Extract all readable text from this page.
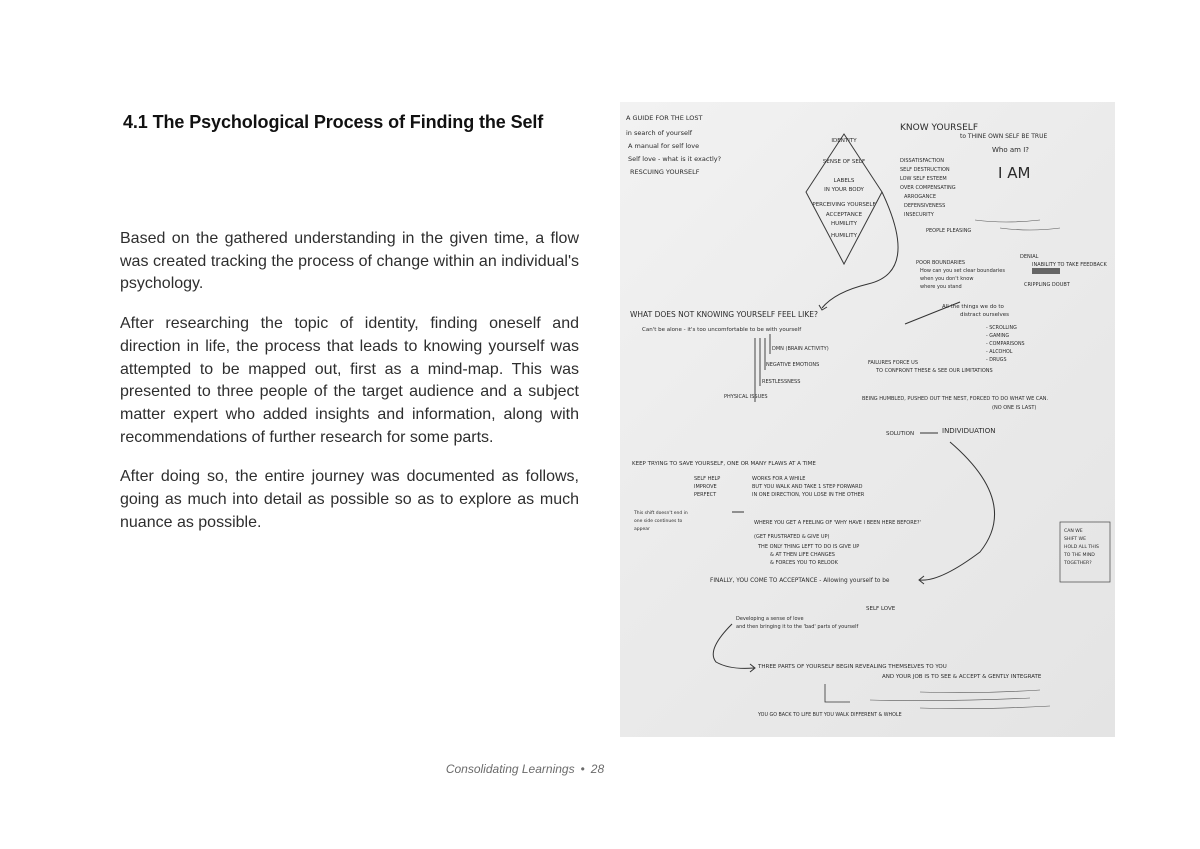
4.1 The Psychological Process of Finding the Self

Based on the gathered understanding in the given time, a flow was created tracking the process of change within an individual's psychology.

After researching the topic of identity, finding oneself and direction in life, the process that leads to knowing yourself was attempted to be mapped out, first as a mind-map. This was presented to three people of the target audience and a subject matter expert who added insights and information, along with recommendations of further research for some parts.

After doing so, the entire journey was documented as follows, going as much into detail as possible so as to explore as much nuance as possible.

A GUIDE FOR THE LOST
in search of yourself
A manual for self love
Self love - what is it exactly?
RESCUING YOURSELF
IDENTITY
SENSE OF SELF
LABELS
IN YOUR BODY
PERCEIVING YOURSELF
ACCEPTANCE
HUMILITY
HUMILITY
KNOW YOURSELF
to THINE OWN SELF BE TRUE
Who am I?
I AM
DISSATISFACTION
SELF DESTRUCTION
LOW SELF ESTEEM
OVER COMPENSATING
ARROGANCE
DEFENSIVENESS
INSECURITY
PEOPLE PLEASING
POOR BOUNDARIES
How can you set clear boundaries
when you don't know
where you stand
DENIAL
INABILITY TO TAKE FEEDBACK
CRIPPLING DOUBT
WHAT DOES NOT KNOWING YOURSELF FEEL LIKE?
Can't be alone - it's too uncomfortable to be with yourself
All the things we do to
distract ourselves
- SCROLLING
- GAMING
- COMPARISONS
- ALCOHOL
- DRUGS
DMN (BRAIN ACTIVITY)
NEGATIVE EMOTIONS
RESTLESSNESS
PHYSICAL ISSUES
FAILURES FORCE US
TO CONFRONT THESE & SEE OUR LIMITATIONS
BEING HUMBLED, PUSHED OUT THE NEST, FORCED TO DO WHAT WE CAN.
(NO ONE IS LAST)
SOLUTION	INDIVIDUATION
KEEP TRYING TO SAVE YOURSELF, ONE OR MANY FLAWS AT A TIME
SELF HELP
IMPROVE
PERFECT
WORKS FOR A WHILE
BUT YOU WALK AND TAKE 1 STEP FORWARD
IN ONE DIRECTION, YOU LOSE IN THE OTHER
WHERE YOU GET A FEELING OF 'WHY HAVE I BEEN HERE BEFORE?'
(GET FRUSTRATED & GIVE UP)
THE ONLY THING LEFT TO DO IS GIVE UP
& AT THEN LIFE CHANGES
& FORCES YOU TO RELOOK
This shift doesn't end in
one side continues to
appear	CAN WE
SHIFT WE
HOLD ALL THIS
TO THE MIND
TOGETHER?
FINALLY, YOU COME TO ACCEPTANCE - Allowing yourself to be
SELF LOVE
Developing a sense of love
and then bringing it to the 'bad' parts of yourself
THREE PARTS OF YOURSELF BEGIN REVEALING THEMSELVES TO YOU
AND YOUR JOB IS TO SEE & ACCEPT & GENTLY INTEGRATE
YOU GO BACK TO LIFE BUT YOU WALK DIFFERENT & WHOLE
Consolidating Learnings • 28
